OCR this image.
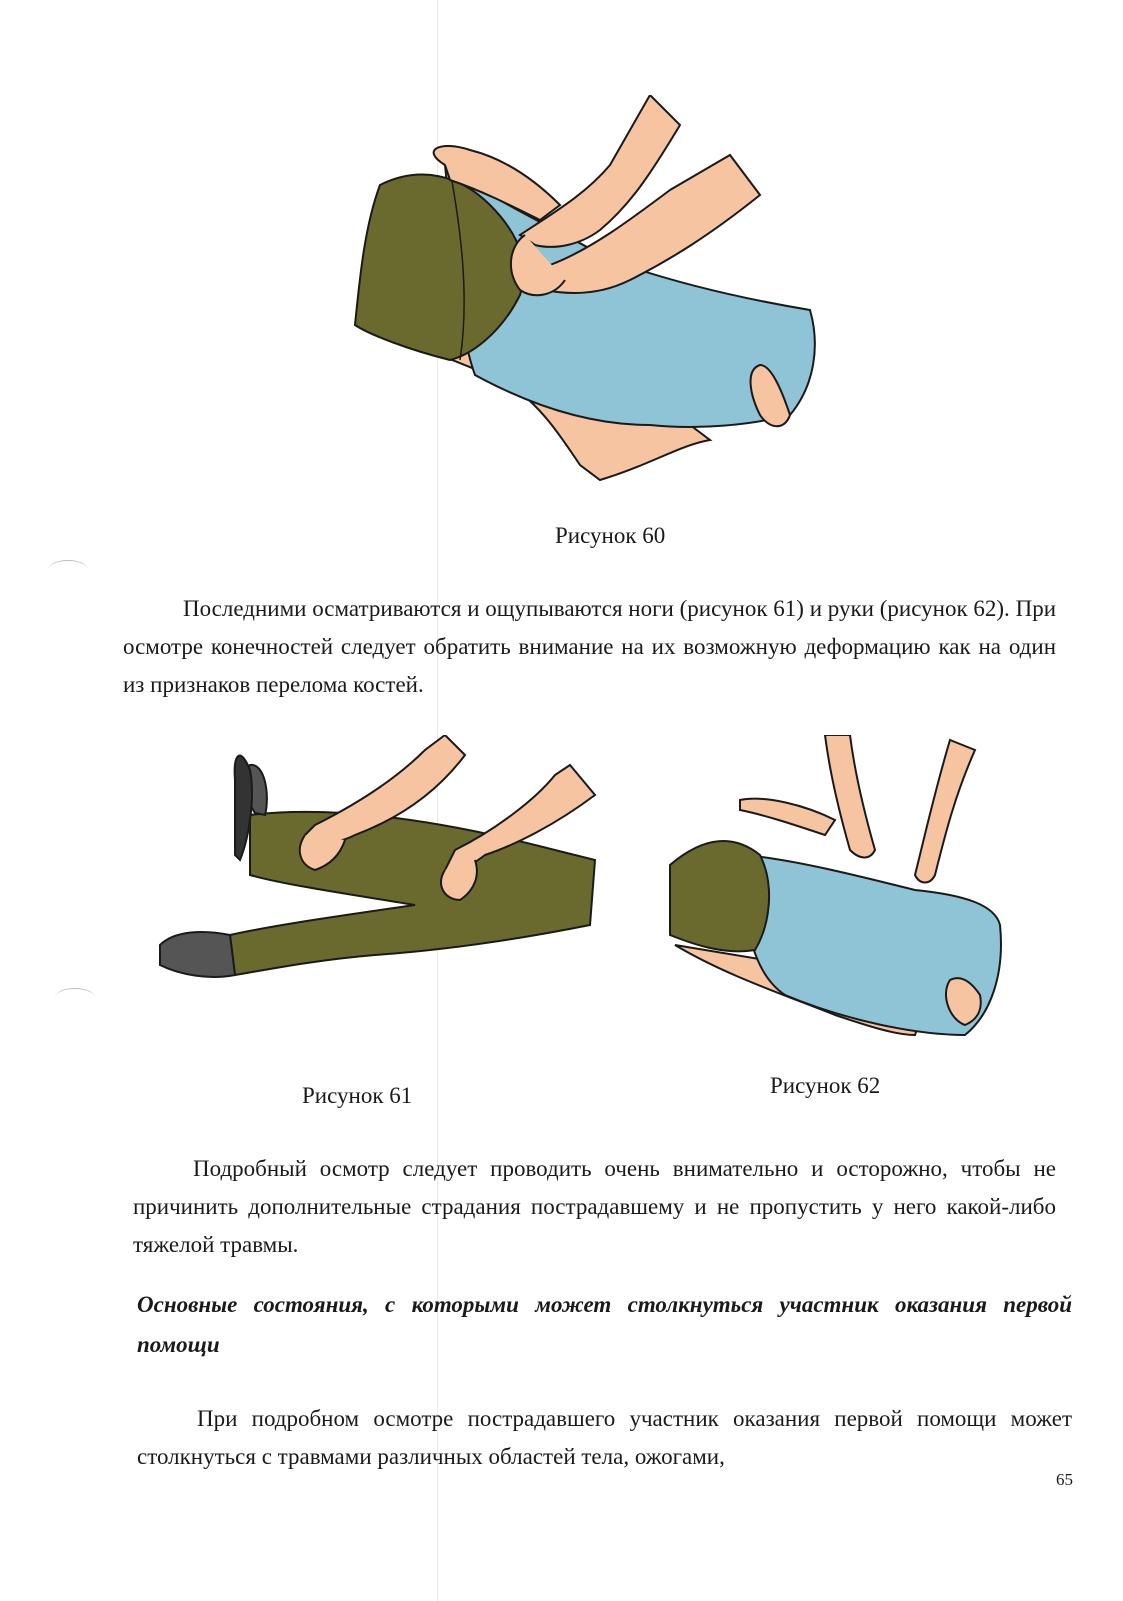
Рисунок 60
Последними осматриваются и ощупываются ноги (рисунок 61) и руки (рисунок 62). При осмотре конечностей следует обратить внимание на их возможную деформацию как на один из признаков перелома костей.
Рисунок 61	Рисунок 62
Подробный осмотр следует проводить очень внимательно и осторожно, чтобы не причинить дополнительные страдания пострадавшему и не пропустить у него какой-либо тяжелой травмы.
Основные состояния, с которыми может столкнуться участник оказания первой помощи
При подробном осмотре пострадавшего участник оказания первой помощи может столкнуться с травмами различных областей тела, ожогами,
65
